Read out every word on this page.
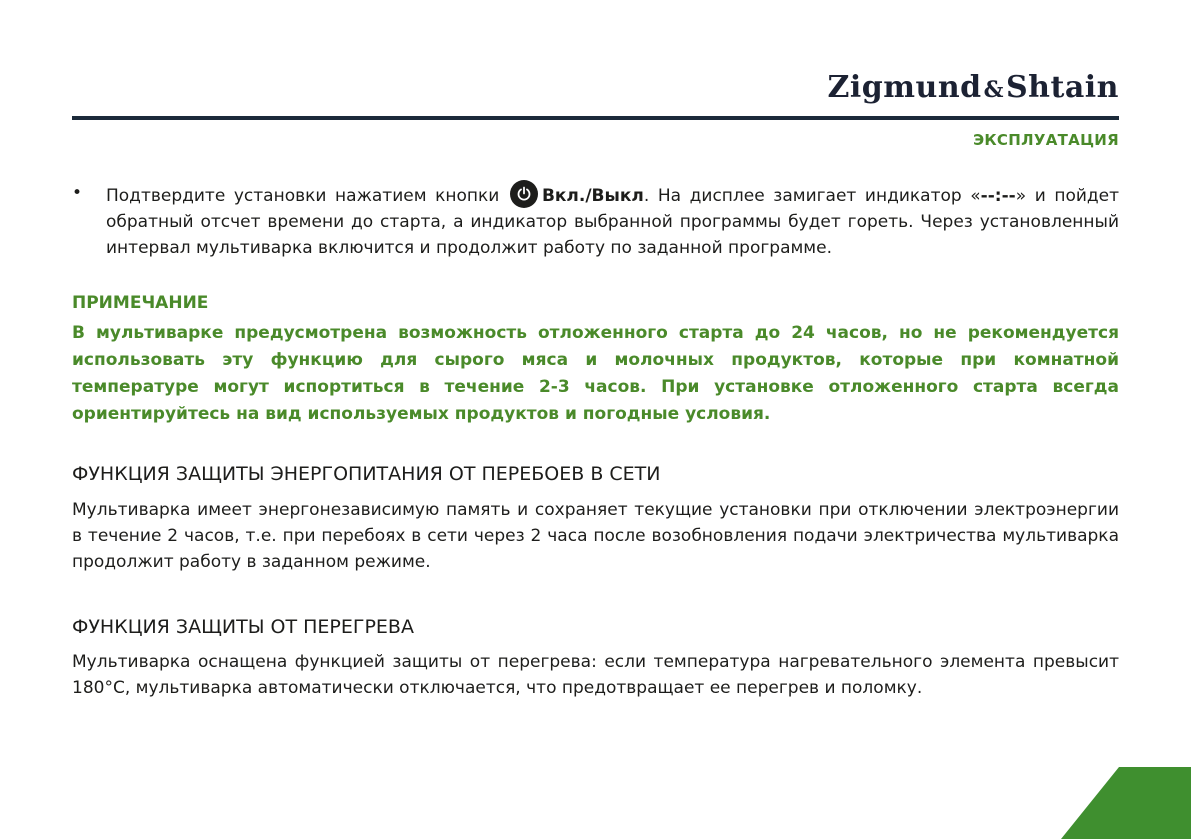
Zigmund&Shtain
ЭКСПЛУАТАЦИЯ
• Подтвердите установки нажатием кнопки	Вкл./Выкл. На дисплее замигает индикатор «--:--» и пойдет обратный отсчет времени до старта, а индикатор выбранной программы будет гореть. Через установленный интервал мультиварка включится и продолжит работу по заданной программе.

ПРИМЕЧАНИЕ

В мультиварке предусмотрена возможность отложенного старта до 24 часов, но не рекомендуется использовать эту функцию для сырого мяса и молочных продуктов, которые при комнатной температуре могут испортиться в течение 2-3 часов. При установке отложенного старта всегда ориентируйтесь на вид используемых продуктов и погодные условия.

ФУНКЦИЯ ЗАЩИТЫ ЭНЕРГОПИТАНИЯ ОТ ПЕРЕБОЕВ В СЕТИ

Мультиварка имеет энергонезависимую память и сохраняет текущие установки при отключении электроэнергии в течение 2 часов, т.е. при перебоях в сети через 2 часа после возобновления подачи электричества мультиварка продолжит работу в заданном режиме.

ФУНКЦИЯ ЗАЩИТЫ ОТ ПЕРЕГРЕВА

Мультиварка оснащена функцией защиты от перегрева: если температура нагревательного элемента превысит 180°С, мультиварка автоматически отключается, что предотвращает ее перегрев и поломку.
